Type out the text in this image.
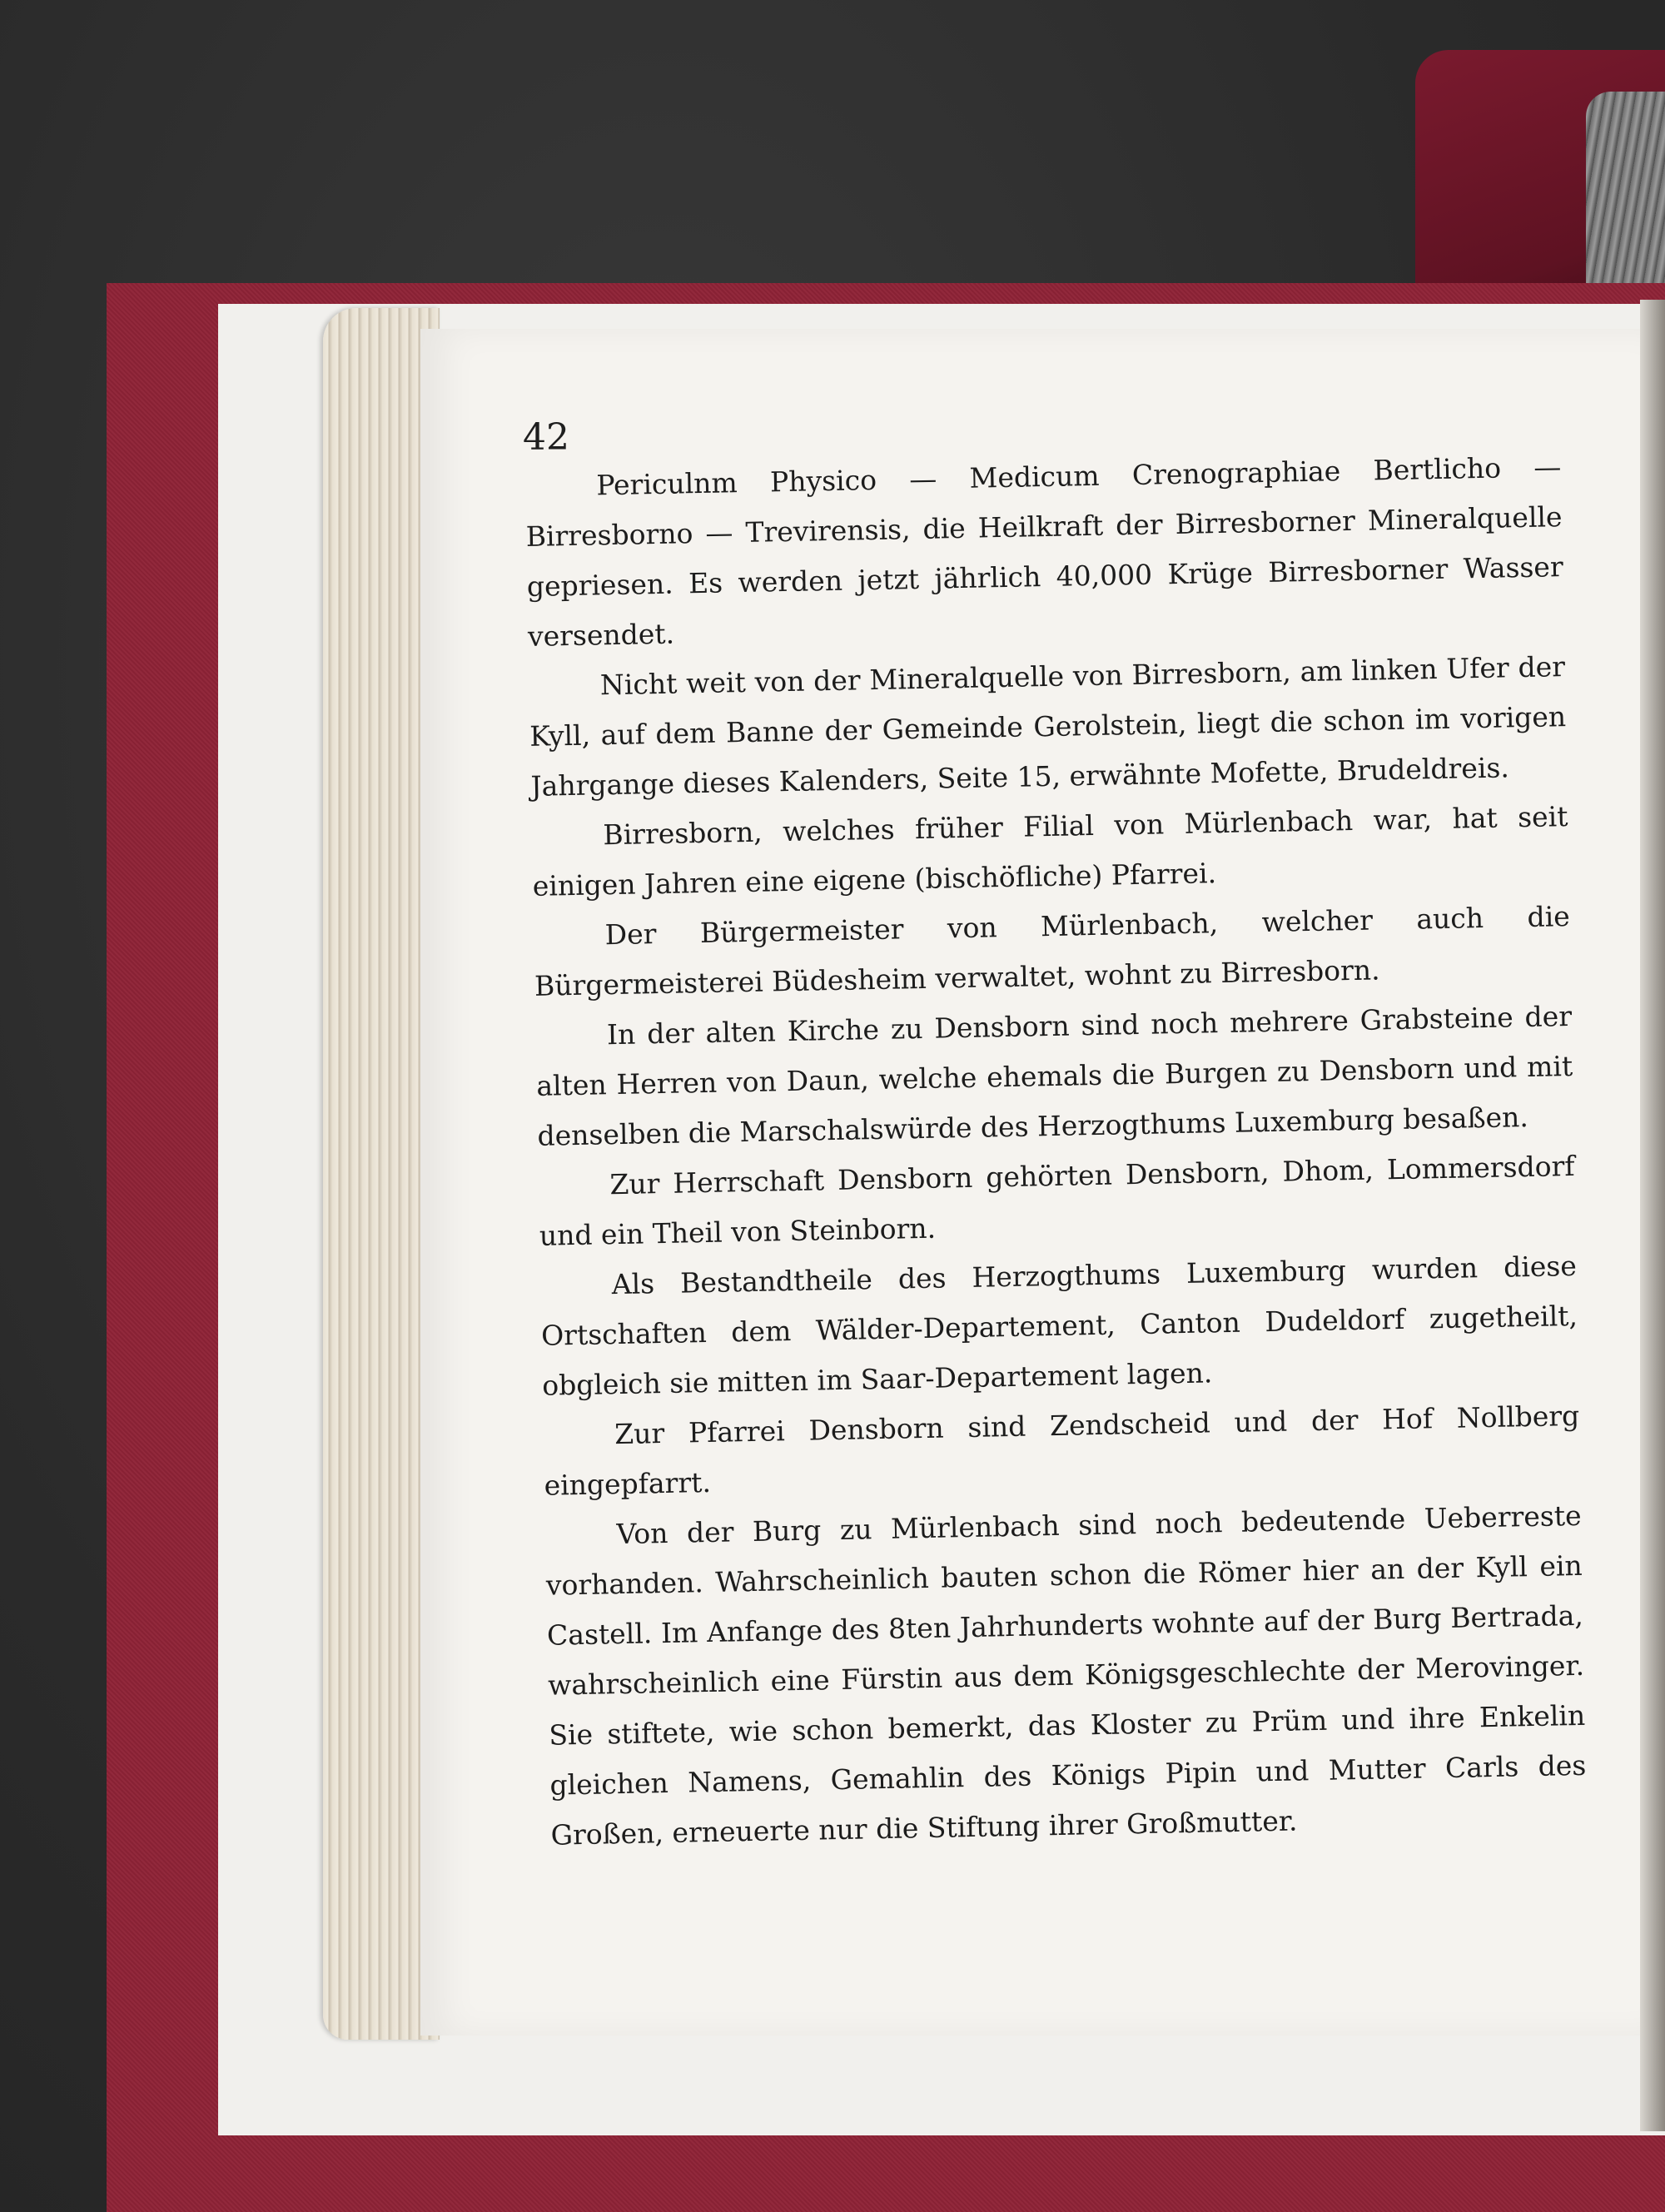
42

Periculnm Physico — Medicum Crenographiae Bertlicho — Birresborno — Trevirensis, die Heilkraft der Birresborner Mineralquelle gepriesen. Es werden jetzt jährlich 40,000 Krüge Birresborner Wasser versendet.

Nicht weit von der Mineralquelle von Birresborn, am linken Ufer der Kyll, auf dem Banne der Gemeinde Gerolstein, liegt die schon im vorigen Jahrgange dieses Kalenders, Seite 15, erwähnte Mofette, Brudeldreis.

Birresborn, welches früher Filial von Mürlenbach war, hat seit einigen Jahren eine eigene (bischöfliche) Pfarrei.

Der Bürgermeister von Mürlenbach, welcher auch die Bürgermeisterei Büdesheim verwaltet, wohnt zu Birresborn.

In der alten Kirche zu Densborn sind noch mehrere Grabsteine der alten Herren von Daun, welche ehemals die Burgen zu Densborn und mit denselben die Marschalswürde des Herzogthums Luxemburg besaßen.

Zur Herrschaft Densborn gehörten Densborn, Dhom, Lommersdorf und ein Theil von Steinborn.

Als Bestandtheile des Herzogthums Luxemburg wurden diese Ortschaften dem Wälder-Departement, Canton Dudeldorf zugetheilt, obgleich sie mitten im Saar-Departement lagen.

Zur Pfarrei Densborn sind Zendscheid und der Hof Nollberg eingepfarrt.

Von der Burg zu Mürlenbach sind noch bedeutende Ueberreste vorhanden. Wahrscheinlich bauten schon die Römer hier an der Kyll ein Castell. Im Anfange des 8ten Jahrhunderts wohnte auf der Burg Bertrada, wahrscheinlich eine Fürstin aus dem Königsgeschlechte der Merovinger. Sie stiftete, wie schon bemerkt, das Kloster zu Prüm und ihre Enkelin gleichen Namens, Gemahlin des Königs Pipin und Mutter Carls des Großen, erneuerte nur die Stiftung ihrer Großmutter.
